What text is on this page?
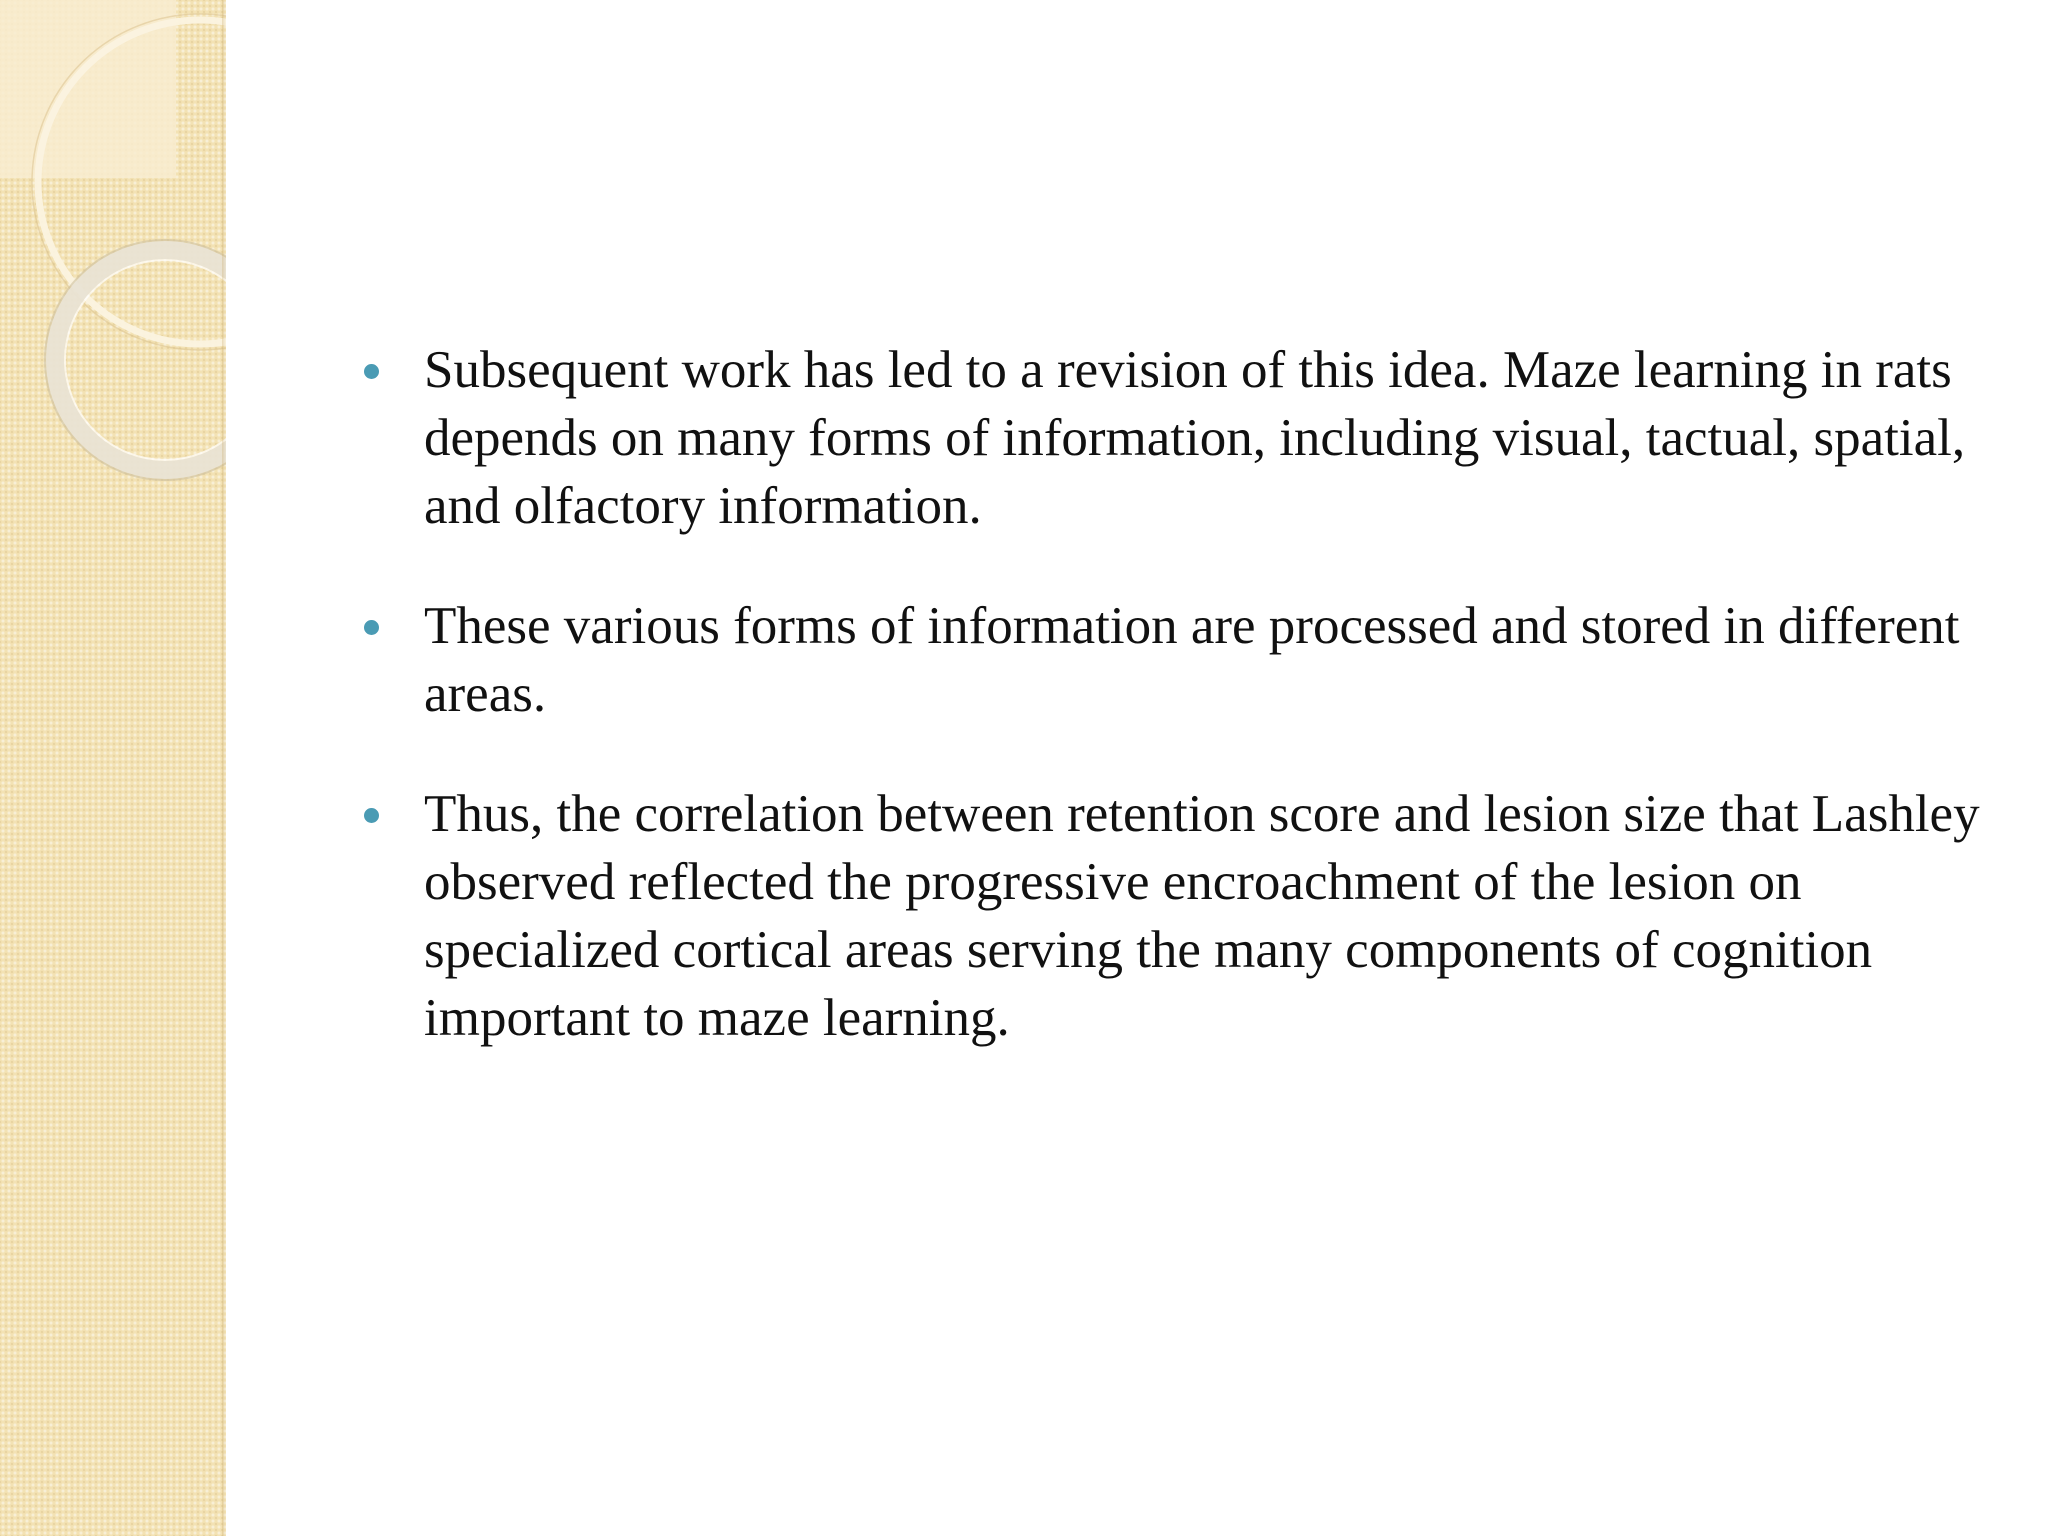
Subsequent work has led to a revision of this idea. Maze learning in rats depends on many forms of information, including visual, tactual, spatial, and olfactory information.

These various forms of information are processed and stored in different areas.

Thus, the correlation between retention score and lesion size that Lashley observed reflected the progressive encroachment of the lesion on specialized cortical areas serving the many components of cognition important to maze learning.
